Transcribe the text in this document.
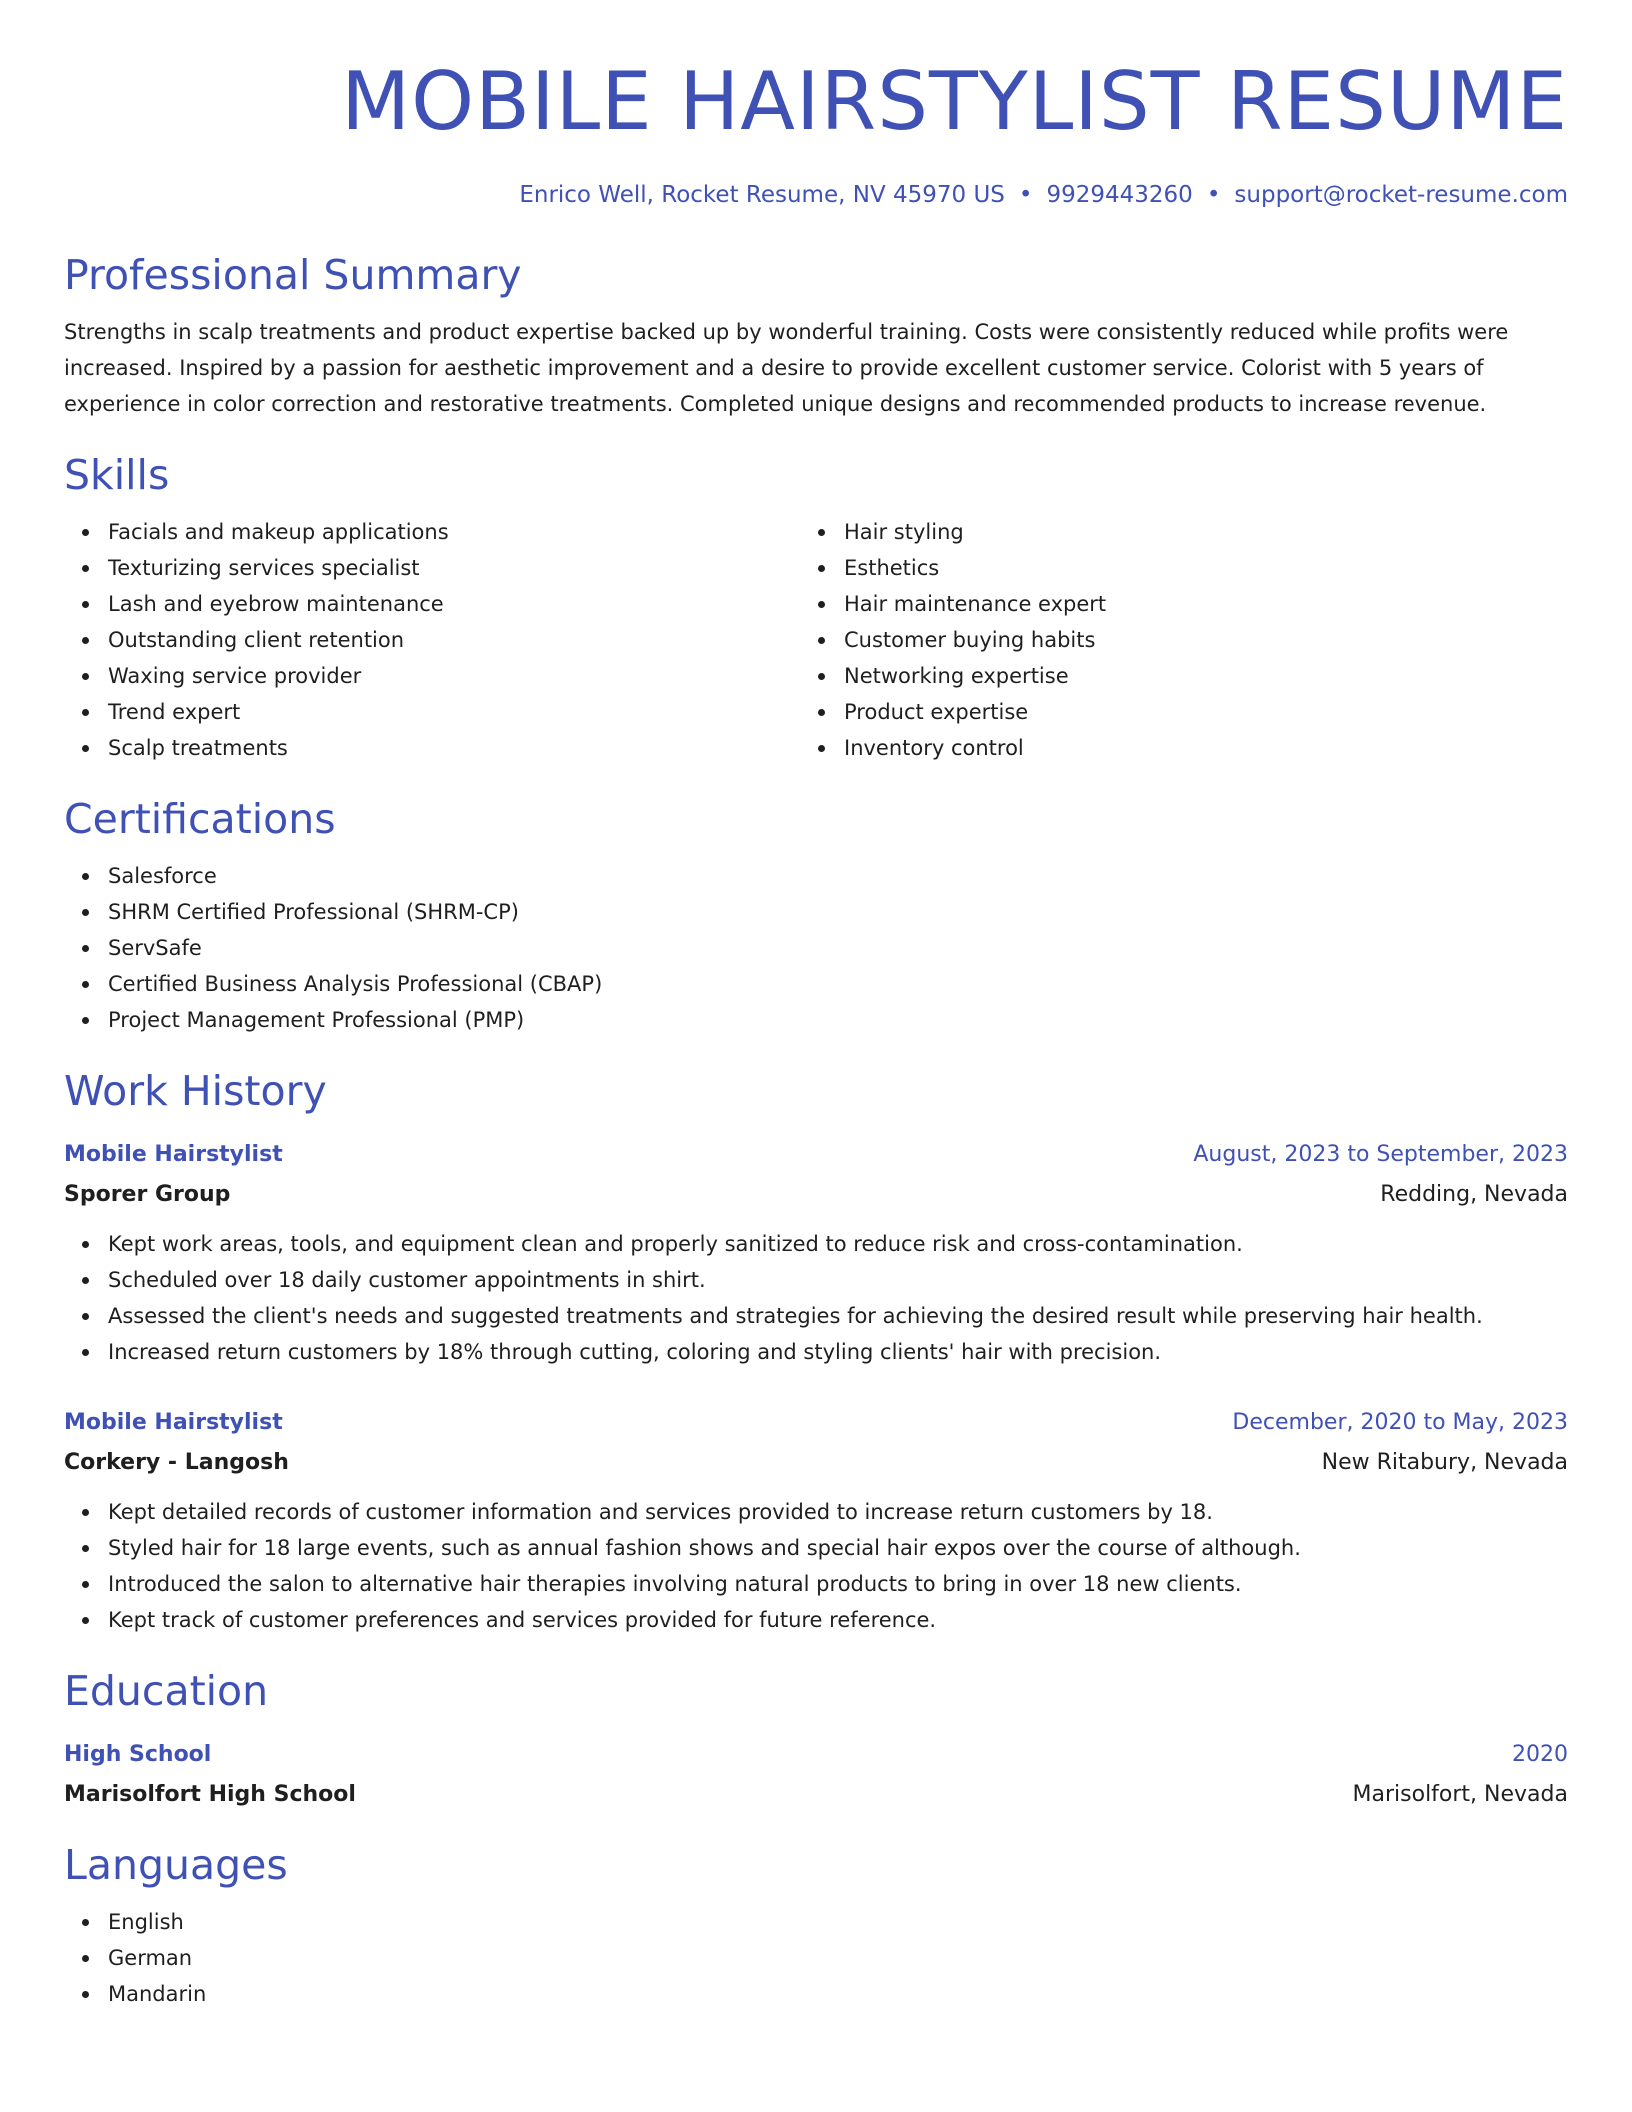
MOBILE HAIRSTYLIST RESUME
Enrico Well, Rocket Resume, NV 45970 US • 9929443260 • support@rocket-resume.com
Professional Summary
Strengths in scalp treatments and product expertise backed up by wonderful training. Costs were consistently reduced while profits were increased. Inspired by a passion for aesthetic improvement and a desire to provide excellent customer service. Colorist with 5 years of experience in color correction and restorative treatments. Completed unique designs and recommended products to increase revenue.
Skills
Facials and makeup applications
Texturizing services specialist
Lash and eyebrow maintenance
Outstanding client retention
Waxing service provider
Trend expert
Scalp treatments
Hair styling
Esthetics
Hair maintenance expert
Customer buying habits
Networking expertise
Product expertise
Inventory control
Certifications
Salesforce
SHRM Certified Professional (SHRM-CP)
ServSafe
Certified Business Analysis Professional (CBAP)
Project Management Professional (PMP)
Work History
Mobile Hairstylist	August, 2023 to September, 2023
Sporer Group	Redding, Nevada
Kept work areas, tools, and equipment clean and properly sanitized to reduce risk and cross-contamination.
Scheduled over 18 daily customer appointments in shirt.
Assessed the client's needs and suggested treatments and strategies for achieving the desired result while preserving hair health.
Increased return customers by 18% through cutting, coloring and styling clients' hair with precision.
Mobile Hairstylist	December, 2020 to May, 2023
Corkery - Langosh	New Ritabury, Nevada
Kept detailed records of customer information and services provided to increase return customers by 18.
Styled hair for 18 large events, such as annual fashion shows and special hair expos over the course of although.
Introduced the salon to alternative hair therapies involving natural products to bring in over 18 new clients.
Kept track of customer preferences and services provided for future reference.
Education
High School	2020
Marisolfort High School	Marisolfort, Nevada
Languages
English
German
Mandarin
